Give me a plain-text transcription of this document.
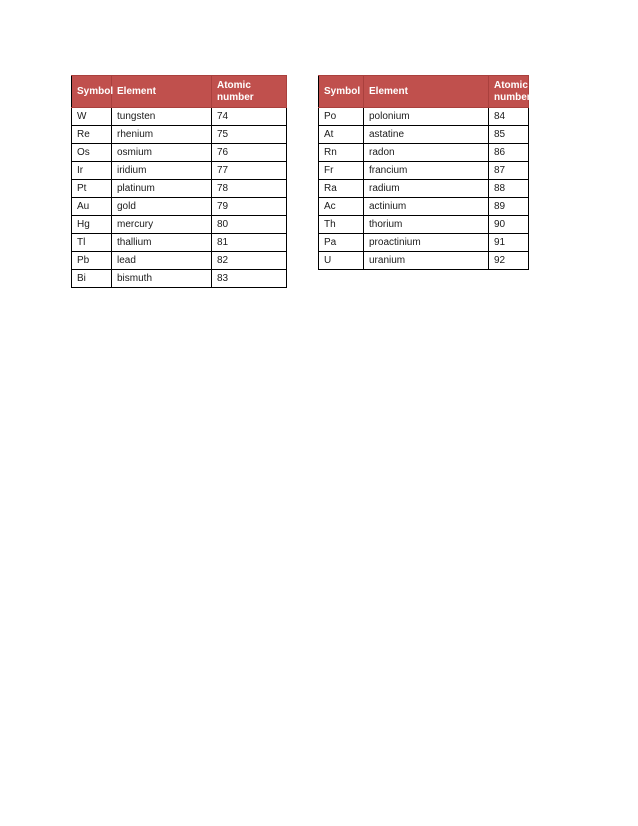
Symbol	Element	Atomic number
W	tungsten	74
Re	rhenium	75
Os	osmium	76
Ir	iridium	77
Pt	platinum	78
Au	gold	79
Hg	mercury	80
Tl	thallium	81
Pb	lead	82
Bi	bismuth	83
Symbol	Element	Atomic number
Po	polonium	84
At	astatine	85
Rn	radon	86
Fr	francium	87
Ra	radium	88
Ac	actinium	89
Th	thorium	90
Pa	proactinium	91
U	uranium	92
